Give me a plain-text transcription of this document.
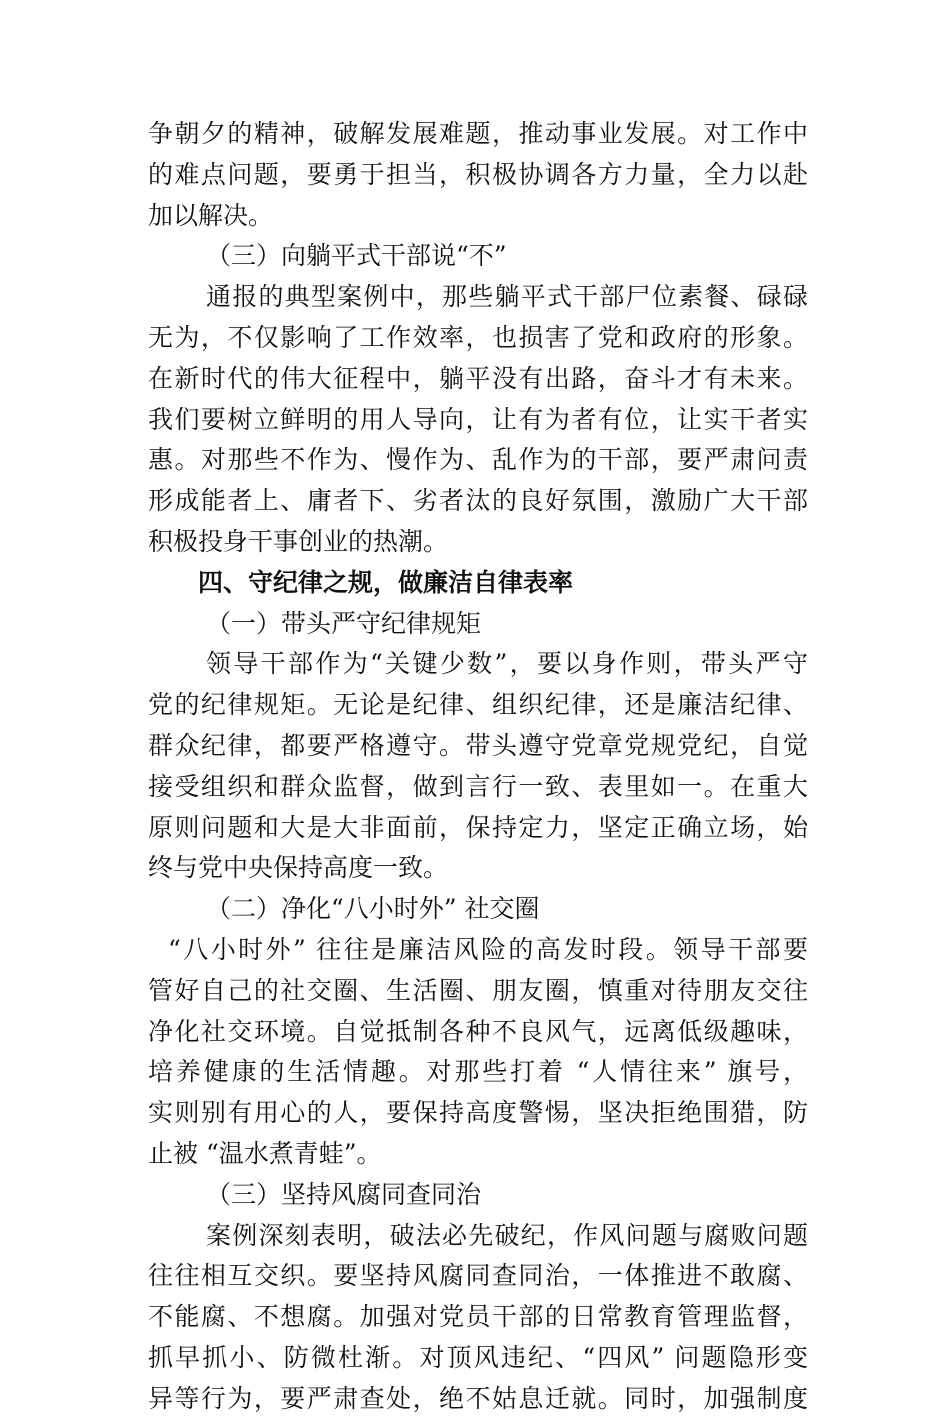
争朝夕的精神，破解发展难题，推动事业发展。对工作中
的难点问题，要勇于担当，积极协调各方力量，全力以赴
加以解决。
（三）向躺平式干部说“不”
通报的典型案例中，那些躺平式干部尸位素餐、碌碌
无为，不仅影响了工作效率，也损害了党和政府的形象。
在新时代的伟大征程中，躺平没有出路，奋斗才有未来。
我们要树立鲜明的用人导向，让有为者有位，让实干者实
惠。对那些不作为、慢作为、乱作为的干部，要严肃问责
形成能者上、庸者下、劣者汰的良好氛围，激励广大干部
积极投身干事创业的热潮。
四、守纪律之规，做廉洁自律表率
（一）带头严守纪律规矩
领导干部作为“关键少数”，要以身作则，带头严守
党的纪律规矩。无论是纪律、组织纪律，还是廉洁纪律、
群众纪律，都要严格遵守。带头遵守党章党规党纪，自觉
接受组织和群众监督，做到言行一致、表里如一。在重大
原则问题和大是大非面前，保持定力，坚定正确立场，始
终与党中央保持高度一致。
（二）净化“八小时外” 社交圈
“八小时外” 往往是廉洁风险的高发时段。领导干部要
管好自己的社交圈、生活圈、朋友圈，慎重对待朋友交往
净化社交环境。自觉抵制各种不良风气，远离低级趣味，
培养健康的生活情趣。对那些打着 “人情往来” 旗号，
实则别有用心的人，要保持高度警惕，坚决拒绝围猎，防
止被 “温水煮青蛙”。
（三）坚持风腐同查同治
案例深刻表明，破法必先破纪，作风问题与腐败问题
往往相互交织。要坚持风腐同查同治，一体推进不敢腐、
不能腐、不想腐。加强对党员干部的日常教育管理监督，
抓早抓小、防微杜渐。对顶风违纪、“四风” 问题隐形变
异等行为，要严肃查处，绝不姑息迁就。同时，加强制度
